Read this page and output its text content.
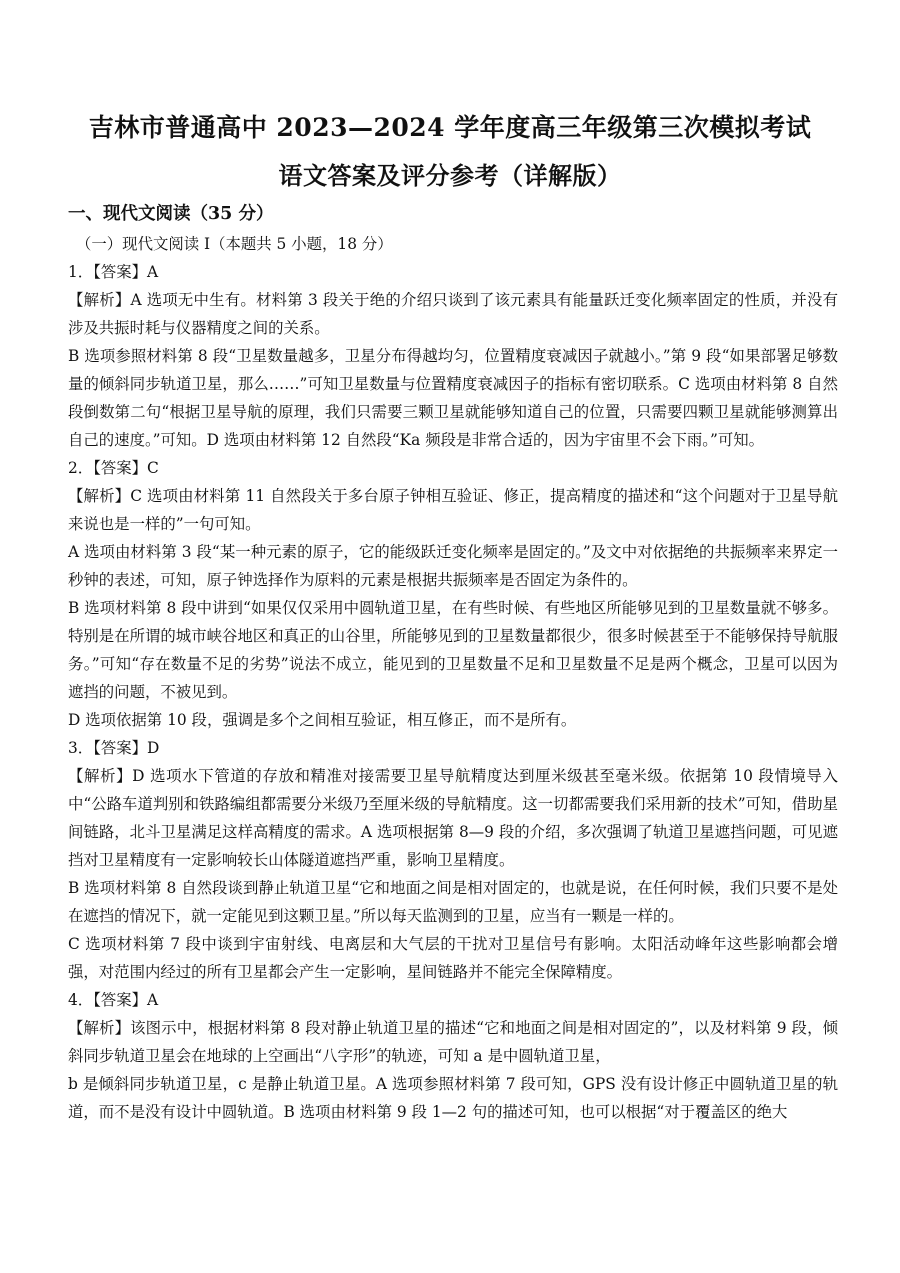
吉林市普通高中 2023—2024 学年度高三年级第三次模拟考试
语文答案及评分参考（详解版）
一、现代文阅读（35 分）

（一）现代文阅读 I（本题共 5 小题，18 分）

1．【答案】A

【解析】A 选项无中生有。材料第 3 段关于绝的介绍只谈到了该元素具有能量跃迁变化频率固定的性质，并没有涉及共振时耗与仪器精度之间的关系。

B 选项参照材料第 8 段“卫星数量越多，卫星分布得越均匀，位置精度衰减因子就越小。”第 9 段“如果部署足够数量的倾斜同步轨道卫星，那么……”可知卫星数量与位置精度衰减因子的指标有密切联系。C 选项由材料第 8 自然段倒数第二句“根据卫星导航的原理，我们只需要三颗卫星就能够知道自己的位置，只需要四颗卫星就能够测算出自己的速度。”可知。D 选项由材料第 12 自然段“Ka 频段是非常合适的，因为宇宙里不会下雨。”可知。

2．【答案】C

【解析】C 选项由材料第 11 自然段关于多台原子钟相互验证、修正，提高精度的描述和“这个问题对于卫星导航来说也是一样的”一句可知。

A 选项由材料第 3 段“某一种元素的原子，它的能级跃迁变化频率是固定的。”及文中对依据绝的共振频率来界定一秒钟的表述，可知，原子钟选择作为原料的元素是根据共振频率是否固定为条件的。

B 选项材料第 8 段中讲到“如果仅仅采用中圆轨道卫星，在有些时候、有些地区所能够见到的卫星数量就不够多。特别是在所谓的城市峡谷地区和真正的山谷里，所能够见到的卫星数量都很少，很多时候甚至于不能够保持导航服务。”可知“存在数量不足的劣势”说法不成立，能见到的卫星数量不足和卫星数量不足是两个概念，卫星可以因为遮挡的问题，不被见到。

D 选项依据第 10 段，强调是多个之间相互验证，相互修正，而不是所有。

3．【答案】D

【解析】D 选项水下管道的存放和精准对接需要卫星导航精度达到厘米级甚至毫米级。依据第 10 段情境导入中“公路车道判别和铁路编组都需要分米级乃至厘米级的导航精度。这一切都需要我们采用新的技术”可知，借助星间链路，北斗卫星满足这样高精度的需求。A 选项根据第 8—9 段的介绍，多次强调了轨道卫星遮挡问题，可见遮挡对卫星精度有一定影响较长山体隧道遮挡严重，影响卫星精度。

B 选项材料第 8 自然段谈到静止轨道卫星“它和地面之间是相对固定的，也就是说，在任何时候，我们只要不是处在遮挡的情况下，就一定能见到这颗卫星。”所以每天监测到的卫星，应当有一颗是一样的。

C 选项材料第 7 段中谈到宇宙射线、电离层和大气层的干扰对卫星信号有影响。太阳活动峰年这些影响都会增强，对范围内经过的所有卫星都会产生一定影响，星间链路并不能完全保障精度。

4．【答案】A

【解析】该图示中，根据材料第 8 段对静止轨道卫星的描述“它和地面之间是相对固定的”，以及材料第 9 段，倾斜同步轨道卫星会在地球的上空画出“八字形”的轨迹，可知 a 是中圆轨道卫星，

b 是倾斜同步轨道卫星，c 是静止轨道卫星。A 选项参照材料第 7 段可知，GPS 没有设计修正中圆轨道卫星的轨道，而不是没有设计中圆轨道。B 选项由材料第 9 段 1—2 句的描述可知，也可以根据“对于覆盖区的绝大
